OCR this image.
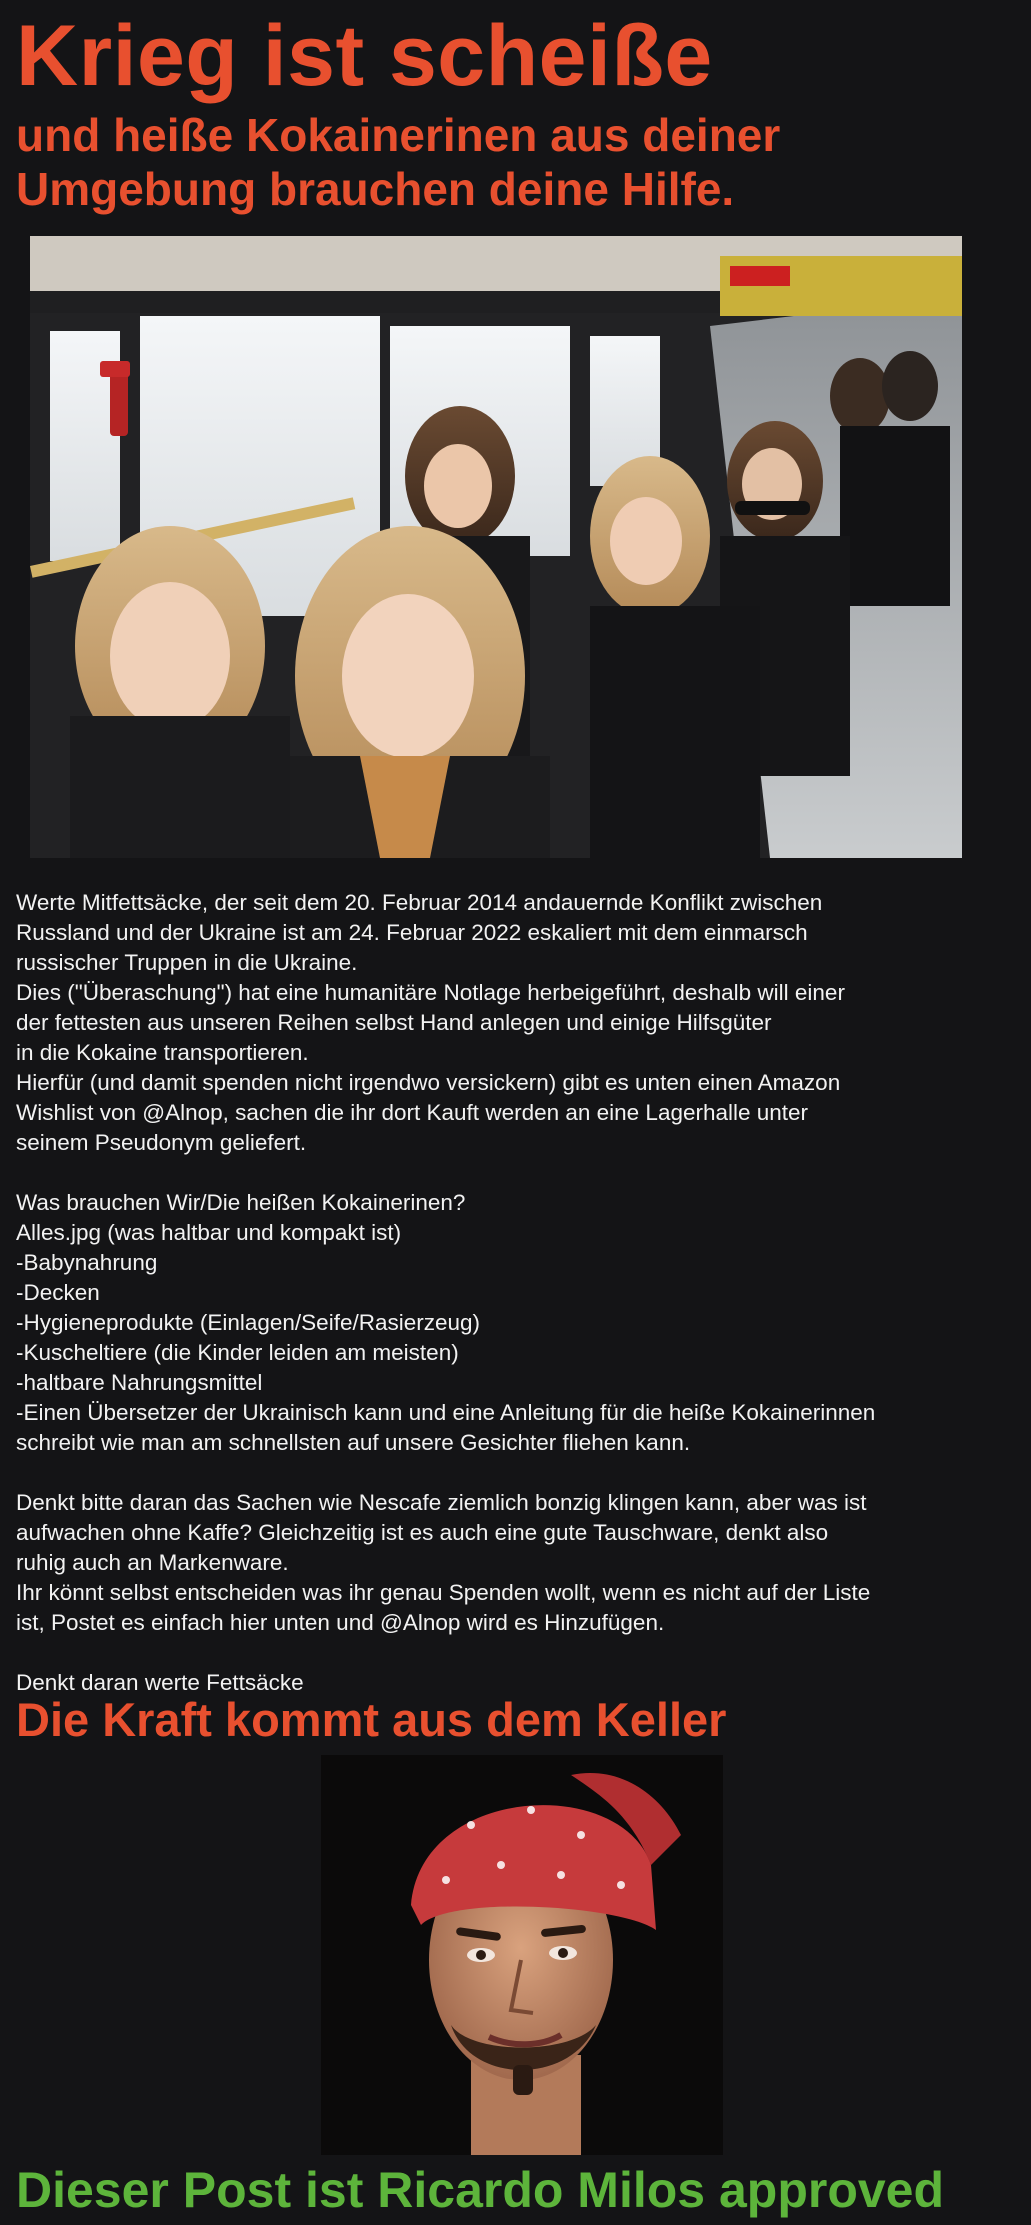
Krieg ist scheiße
und heiße Kokainerinen aus deiner
Umgebung brauchen deine Hilfe.

Werte Mitfettsäcke, der seit dem 20. Februar 2014 andauernde Konflikt zwischen

Russland und der Ukraine ist am 24. Februar 2022 eskaliert mit dem einmarsch

russischer Truppen in die Ukraine.

Dies ("Überaschung") hat eine humanitäre Notlage herbeigeführt, deshalb will einer

der fettesten aus unseren Reihen selbst Hand anlegen und einige Hilfsgüter

in die Kokaine transportieren.

Hierfür (und damit spenden nicht irgendwo versickern) gibt es unten einen Amazon

Wishlist von @Alnop, sachen die ihr dort Kauft werden an eine Lagerhalle unter

seinem Pseudonym geliefert.

Was brauchen Wir/Die heißen Kokainerinen?

Alles.jpg (was haltbar und kompakt ist)

-Babynahrung

-Decken

-Hygieneprodukte (Einlagen/Seife/Rasierzeug)

-Kuscheltiere (die Kinder leiden am meisten)

-haltbare Nahrungsmittel

-Einen Übersetzer der Ukrainisch kann und eine Anleitung für die heiße Kokainerinnen

schreibt wie man am schnellsten auf unsere Gesichter fliehen kann.

Denkt bitte daran das Sachen wie Nescafe ziemlich bonzig klingen kann, aber was ist

aufwachen ohne Kaffe? Gleichzeitig ist es auch eine gute Tauschware, denkt also

ruhig auch an Markenware.

Ihr könnt selbst entscheiden was ihr genau Spenden wollt, wenn es nicht auf der Liste

ist, Postet es einfach hier unten und @Alnop wird es Hinzufügen.

Denkt daran werte Fettsäcke

Die Kraft kommt aus dem Keller
Dieser Post ist Ricardo Milos approved
